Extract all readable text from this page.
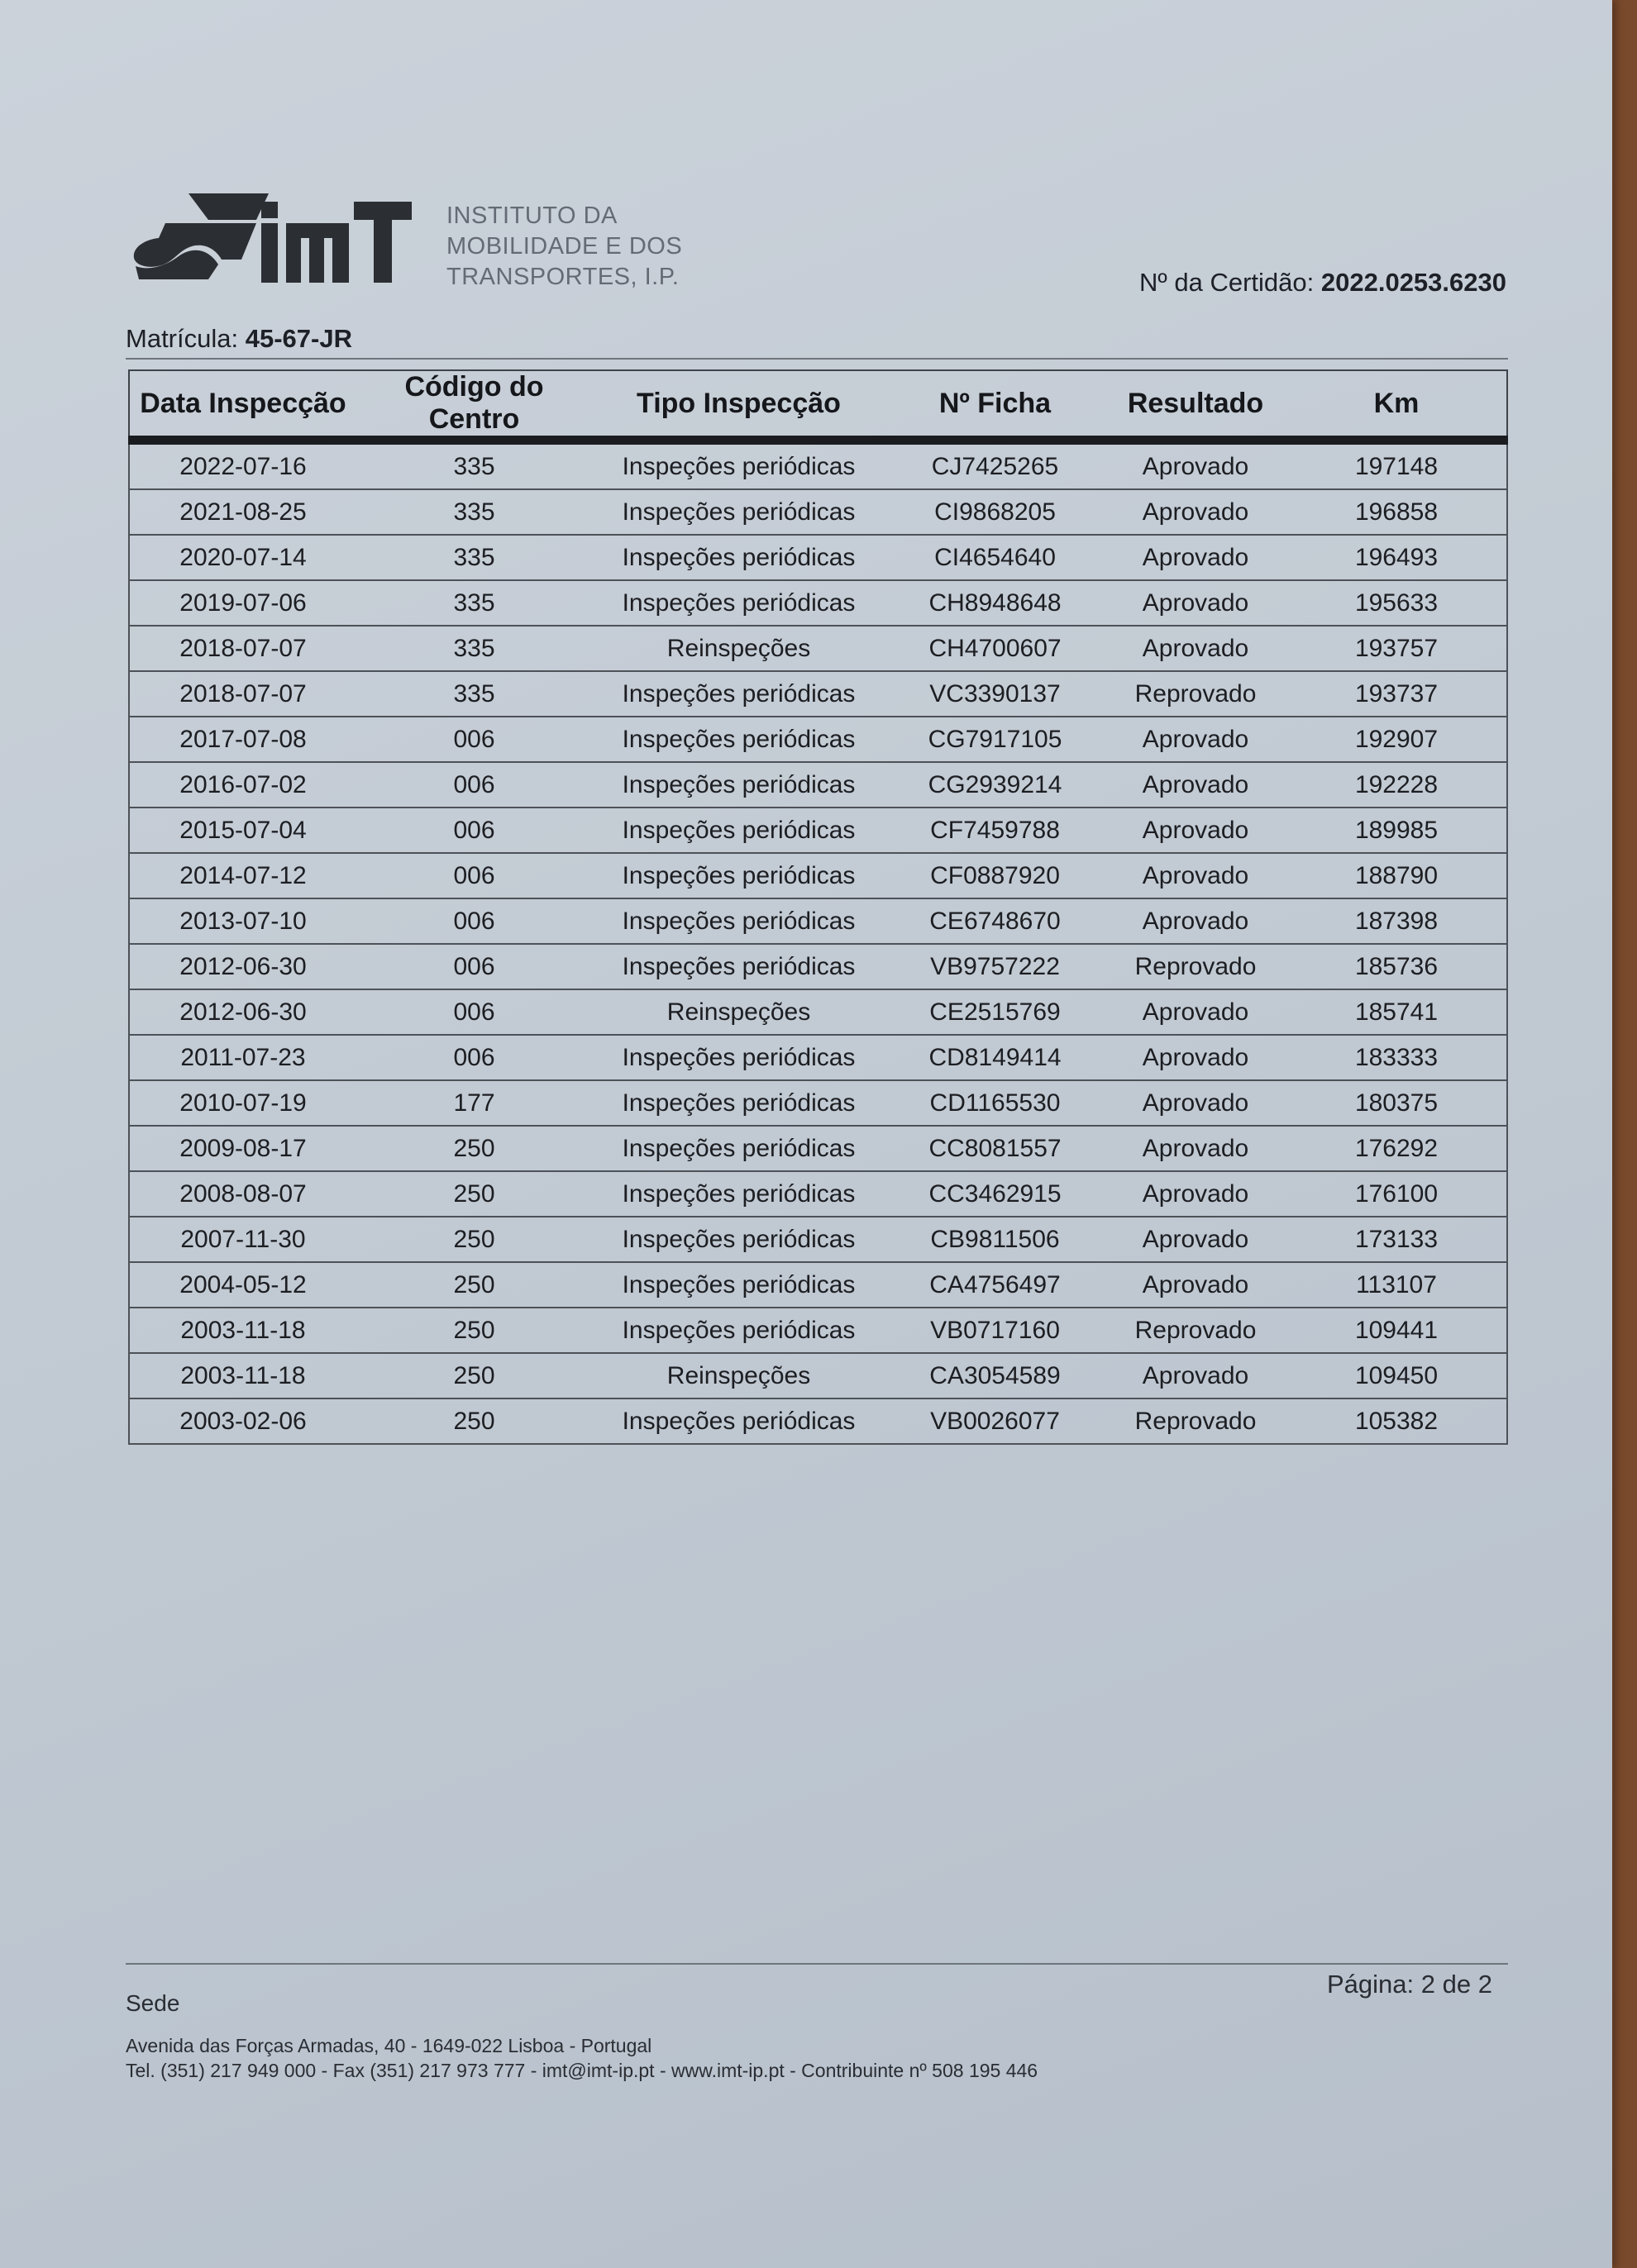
IMT
INSTITUTO DA
MOBILIDADE E DOS
TRANSPORTES, I.P.	Nº da Certidão: 2022.0253.6230
Matrícula: 45-67-JR
Data Inspecção	Código do Centro	Tipo Inspecção	Nº Ficha	Resultado	Km
2022-07-16	335	Inspeções periódicas	CJ7425265	Aprovado	197148
2021-08-25	335	Inspeções periódicas	CI9868205	Aprovado	196858
2020-07-14	335	Inspeções periódicas	CI4654640	Aprovado	196493
2019-07-06	335	Inspeções periódicas	CH8948648	Aprovado	195633
2018-07-07	335	Reinspeções	CH4700607	Aprovado	193757
2018-07-07	335	Inspeções periódicas	VC3390137	Reprovado	193737
2017-07-08	006	Inspeções periódicas	CG7917105	Aprovado	192907
2016-07-02	006	Inspeções periódicas	CG2939214	Aprovado	192228
2015-07-04	006	Inspeções periódicas	CF7459788	Aprovado	189985
2014-07-12	006	Inspeções periódicas	CF0887920	Aprovado	188790
2013-07-10	006	Inspeções periódicas	CE6748670	Aprovado	187398
2012-06-30	006	Inspeções periódicas	VB9757222	Reprovado	185736
2012-06-30	006	Reinspeções	CE2515769	Aprovado	185741
2011-07-23	006	Inspeções periódicas	CD8149414	Aprovado	183333
2010-07-19	177	Inspeções periódicas	CD1165530	Aprovado	180375
2009-08-17	250	Inspeções periódicas	CC8081557	Aprovado	176292
2008-08-07	250	Inspeções periódicas	CC3462915	Aprovado	176100
2007-11-30	250	Inspeções periódicas	CB9811506	Aprovado	173133
2004-05-12	250	Inspeções periódicas	CA4756497	Aprovado	113107
2003-11-18	250	Inspeções periódicas	VB0717160	Reprovado	109441
2003-11-18	250	Reinspeções	CA3054589	Aprovado	109450
2003-02-06	250	Inspeções periódicas	VB0026077	Reprovado	105382
Página: 2 de 2
Sede
Avenida das Forças Armadas, 40 - 1649-022 Lisboa - Portugal
Tel. (351) 217 949 000 - Fax (351) 217 973 777 - imt@imt-ip.pt - www.imt-ip.pt - Contribuinte nº 508 195 446
